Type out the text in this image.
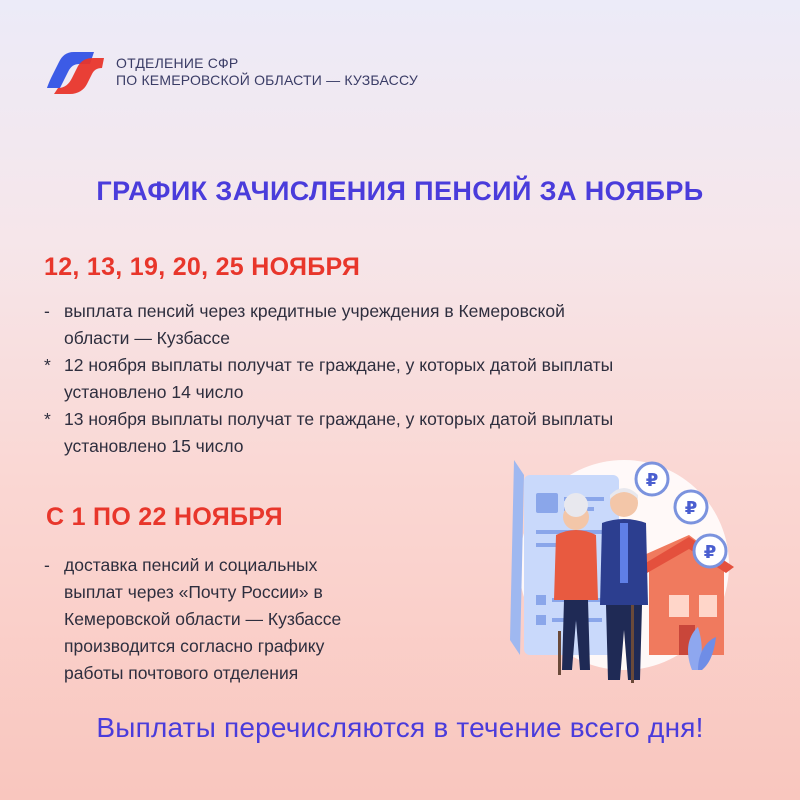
ОТДЕЛЕНИЕ СФР
ПО КЕМЕРОВСКОЙ ОБЛАСТИ — КУЗБАССУ
ГРАФИК ЗАЧИСЛЕНИЯ ПЕНСИЙ ЗА НОЯБРЬ
12, 13, 19, 20, 25 НОЯБРЯ
- выплата пенсий через кредитные учреждения в Кемеровской
области — Кузбассе
* 12 ноября выплаты получат те граждане, у которых датой выплаты
установлено 14 число
* 13 ноября выплаты получат те граждане, у которых датой выплаты
установлено 15 число
С 1 ПО 22 НОЯБРЯ
- доставка пенсий и социальных
выплат через «Почту России» в
Кемеровской области — Кузбассе
производится согласно графику
работы почтового отделения
₽
₽
₽
Выплаты перечисляются в течение всего дня!
